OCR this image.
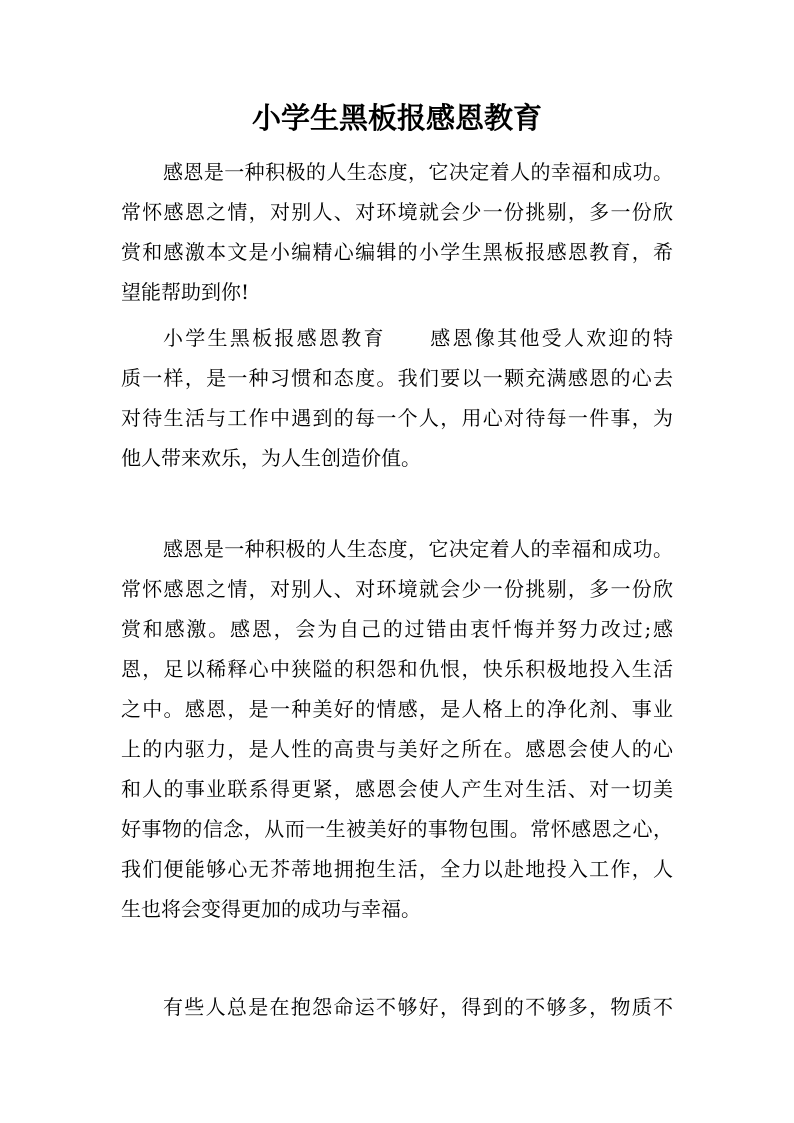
小学生黑板报感恩教育
感恩是一种积极的人生态度，它决定着人的幸福和成功。
常怀感恩之情，对别人、对环境就会少一份挑剔，多一份欣
赏和感激本文是小编精心编辑的小学生黑板报感恩教育，希
望能帮助到你!
小学生黑板报感恩教育　　感恩像其他受人欢迎的特
质一样，是一种习惯和态度。我们要以一颗充满感恩的心去
对待生活与工作中遇到的每一个人，用心对待每一件事，为
他人带来欢乐，为人生创造价值。
感恩是一种积极的人生态度，它决定着人的幸福和成功。
常怀感恩之情，对别人、对环境就会少一份挑剔，多一份欣
赏和感激。感恩，会为自己的过错由衷忏悔并努力改过;感
恩，足以稀释心中狭隘的积怨和仇恨，快乐积极地投入生活
之中。感恩，是一种美好的情感，是人格上的净化剂、事业
上的内驱力，是人性的高贵与美好之所在。感恩会使人的心
和人的事业联系得更紧，感恩会使人产生对生活、对一切美
好事物的信念，从而一生被美好的事物包围。常怀感恩之心，
我们便能够心无芥蒂地拥抱生活，全力以赴地投入工作，人
生也将会变得更加的成功与幸福。
有些人总是在抱怨命运不够好，得到的不够多，物质不
